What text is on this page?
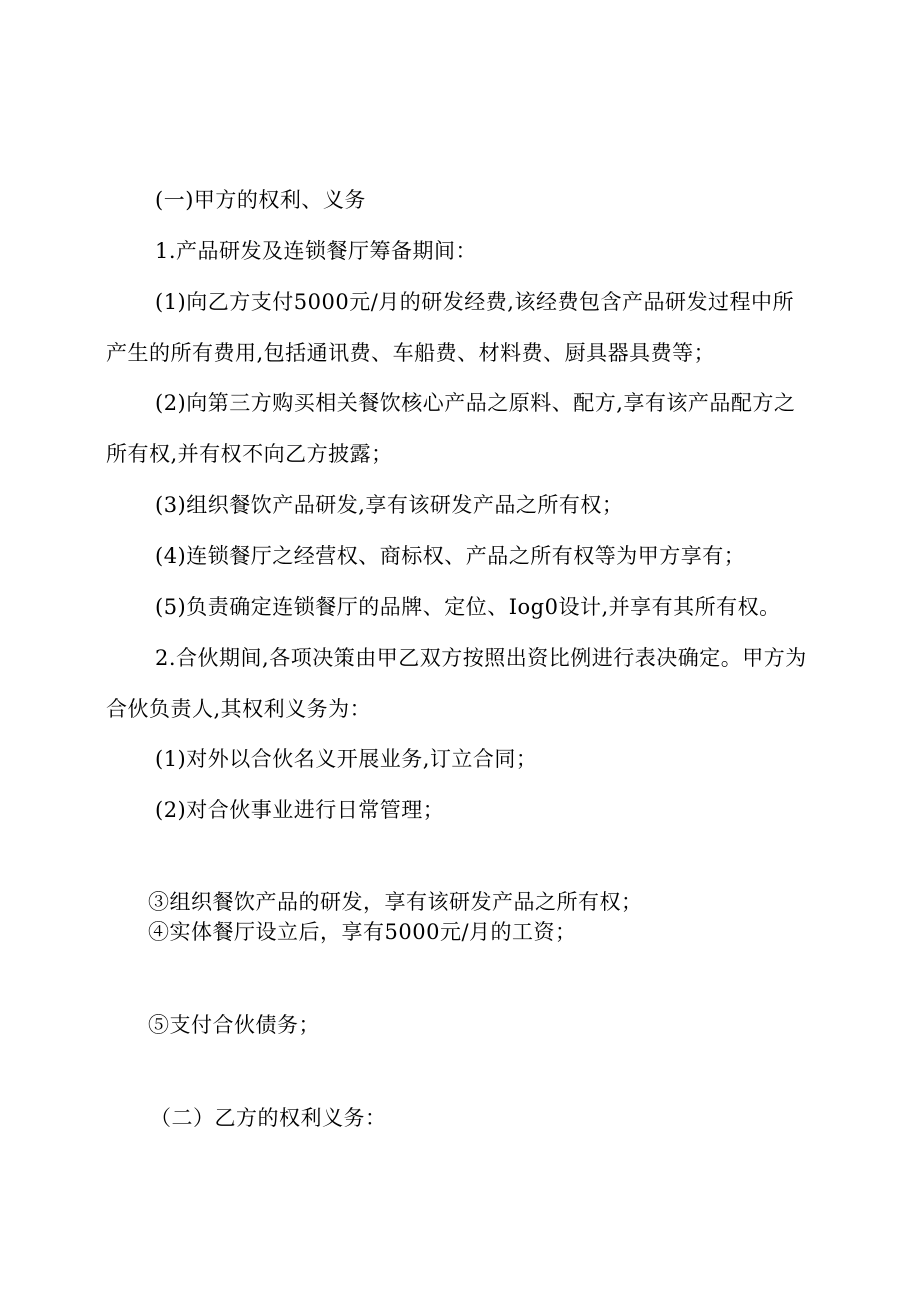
(一)甲方的权利、义务
1.产品研发及连锁餐厅筹备期间：
(1)向乙方支付5000元/月的研发经费,该经费包含产品研发过程中所
产生的所有费用,包括通讯费、车船费、材料费、厨具器具费等；
(2)向第三方购买相关餐饮核心产品之原料、配方,享有该产品配方之
所有权,并有权不向乙方披露；
(3)组织餐饮产品研发,享有该研发产品之所有权；
(4)连锁餐厅之经营权、商标权、产品之所有权等为甲方享有；
(5)负责确定连锁餐厅的品牌、定位、Iog0设计,并享有其所有权。
2.合伙期间,各项决策由甲乙双方按照出资比例进行表决确定。甲方为
合伙负责人,其权利义务为：
(1)对外以合伙名义开展业务,订立合同；
(2)对合伙事业进行日常管理；
③组织餐饮产品的研发，享有该研发产品之所有权；
④实体餐厅设立后，享有5000元/月的工资；
⑤支付合伙债务；
（二）乙方的权利义务：
